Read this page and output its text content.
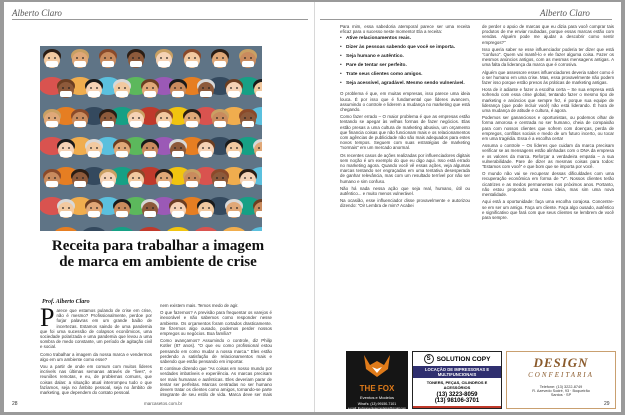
Alberto Claro
Receita para trabalhar a imagem de marca em ambiente de crise
Prof. Alberto Claro
P arece que estamos pulando de crise em crise, não é mesmo? Profissionalmente, perdoe por forjar palavras em um grande baião de incertezas. Estamos saindo de uma pandemia que foi uma sucessão de colapsos econômicos, uma sociedade polarizada e uma pandemia que levou a uma sombra de medo constante, um período de agitação civil e social.

Como trabalhar a imagem da nossa marca e vendermos algo em um ambiente como esse?

Vou a partir de onde em comum com muitos líderes incrivels nas últimas semanas através de "lives", e reuniões remotas, e eu, de problemas comuns, que coisas dalas: a situação atual interrompeu tudo o que fazíamos, seja no âmbito pessoal, seja no âmbito de marketing, que dependem do contato pessoal.

nem existem mais. Temos medo de agir.

O que fazemos? A previsão para frequentar os varejos é inexorável e não sabemos como responder nesse ambiente. Os orçamentos foram cortados drasticamente. Se fizermos algo ousado, podemos perder nossos empregos ou negócios. Boa família?

Como avançamos? Assumindo o controle, diz Philip Kotler (87 anos). "O que eu como profissional estou pensando em como mudar a nossa marca." Eles estão perdendo a satisfação de relacionamentos mais e sabendo que estão pensando em importar.

E continue dizendo que "As coisas em nosso mundo por verdades imbatíveis e experiência. As marcas precisam ser mais humanas e autênticas. Eles deveriam parar de tentar ser perfeitas. Marcas centradas no ser humano devem tratar os clientes como amigos, tornando-se parte integrante de seu estilo de vida. Marca deve ser mais

28	marcasetos.com.br
Alberto Claro

Para mim, essa sabedoria atemporal parece ser uma receita eficaz para o sucesso neste momento! Ela a receita:

• Ative relacionamentos reais.
• Dizer às pessoas sabendo que você se importa.
• Seja humano e autêntico.
• Pare de tentar ser perfeito.
• Trate seus clientes como amigos.
• Seja acessível, agradável. Mesmo sendo vulnerável.

O problema é que, em muitas empresas, isso parece uma ideia louca. É por isso que é fundamental que líderes avancem, assumindo o controle e liderem a mudança no marketing que está chegando.

Como fazer errado – O maior problema é que as empresas estão tentando se apegar às velhas formas de fazer negócios. Elas estão presas a uma cultura de marketing abusiva, um orçamento que financia coisas que não funcionam mais e os relacionamentos com agências de publicidade não são mais adequados para estes novos tempos. Seguem com suas estratégias de marketing "normais" em um mercado anormal.

Os recentes casos de ações realizadas por influenciadores digitais sem noção é um exemplo do que eu digo aqui. Isso está errado no marketing agora. Quando você vê essas ações, veja algumas marcas tentando ser engraçadas em uma tentativa desesperada de ganhar relevância, mas com um resultado terrível por não ser humano e sim confuso.

Não há nada nessa ação que seja real, humano, útil ou autêntico... e muito menos vulnerável.

Na ocasião, esse influenciador disse provavelmente e autorizou dizendo: "Oi! Lembra de mim? Acabei

de perder o apoio de marcas que eu dizia para você comprar tais produtos de me enviar roubadas, porque essas marcas estão com vendas. Alguém pode me ajudar a descobrir como sentir empregos?"

Isso queria saber se esse influenciador poderia ter dizer que está "confuso". Quem vai mantê-lo e ele fazer alguma coisa. Fazer os mesmos anúncios antigos, com as mesmas mensagens antigas. A uma falta da liderança da marca que é corrosiva.

Alguém que assessore esses influenciadores deveria saber como é o ser humano em uma crise. Mas, essa provavelmente não podem fazer isso porque estão presos às práticas de marketing antigas.

Hora de ir adiante e fazer a escolha certa – Se sua empresa está sofrendo com essa crise global, tentando fazer o mesmo tipo de marketing e anúncios que sempre fez, é porque sua equipe de liderança (que pode incluir você) não está liderando. É hora de uma mudança de atitude e cultura, é agora.

Podemos ser gananciosos e oportunistas, ou podemos olhar de forma amorosa e centrada no ser humano, cheia de compaixão para com nossos clientes que sofrem com doenças, perda de empregos, conflitos sociais e medo de um futuro incerto, ou tocar em uma tragédia. Essa é a escolha certa!

Assuma o controle – Os líderes que cuidam da marca precisam verificar se as mensagens estão alinhadas com o DNA da empresa e os valores da marca. Reforçar a verdadeira empatia – a sua vulnerabilidade. Pare de dizer as mesmas coisas para todos: "Estamos com você" e que bom que se importa por você.

O mundo não vai se recuperar dessas dificuldades com uma recuperação econômica em forma de "V". Nossos clientes terão cicatrizes e as medos permanentes nos próximos anos. Portanto, não estou propondo uma nova ideia, mas sim uma nova mentalidade.

Aqui está a oportunidade: faça uma escolha corajosa. Concentre-se em ser um amigo. Faça um cliente. Faça algo ousado, autêntico e significativo que fará com que seus clientes se lembrem de você para sempre.

THE FOX
Eventos e Modelos
What's: (13) 99150-7101
e-mail: thefoxeventosemodelos@gmail.com
S SOLUTION COPY
LOCAÇÃO DE IMPRESSORAS E MULTIFUNCIONAIS
TONERS, PEÇAS, CILINDROS E ACESSÓRIOS
(13) 3223-8059
(13) 98106-3701
DESIGN
CONFEITARIA
Telefone: (13) 3222-8749
R. Azevedo Sodré, 93 · Boqueirão
Santos · SP
29
